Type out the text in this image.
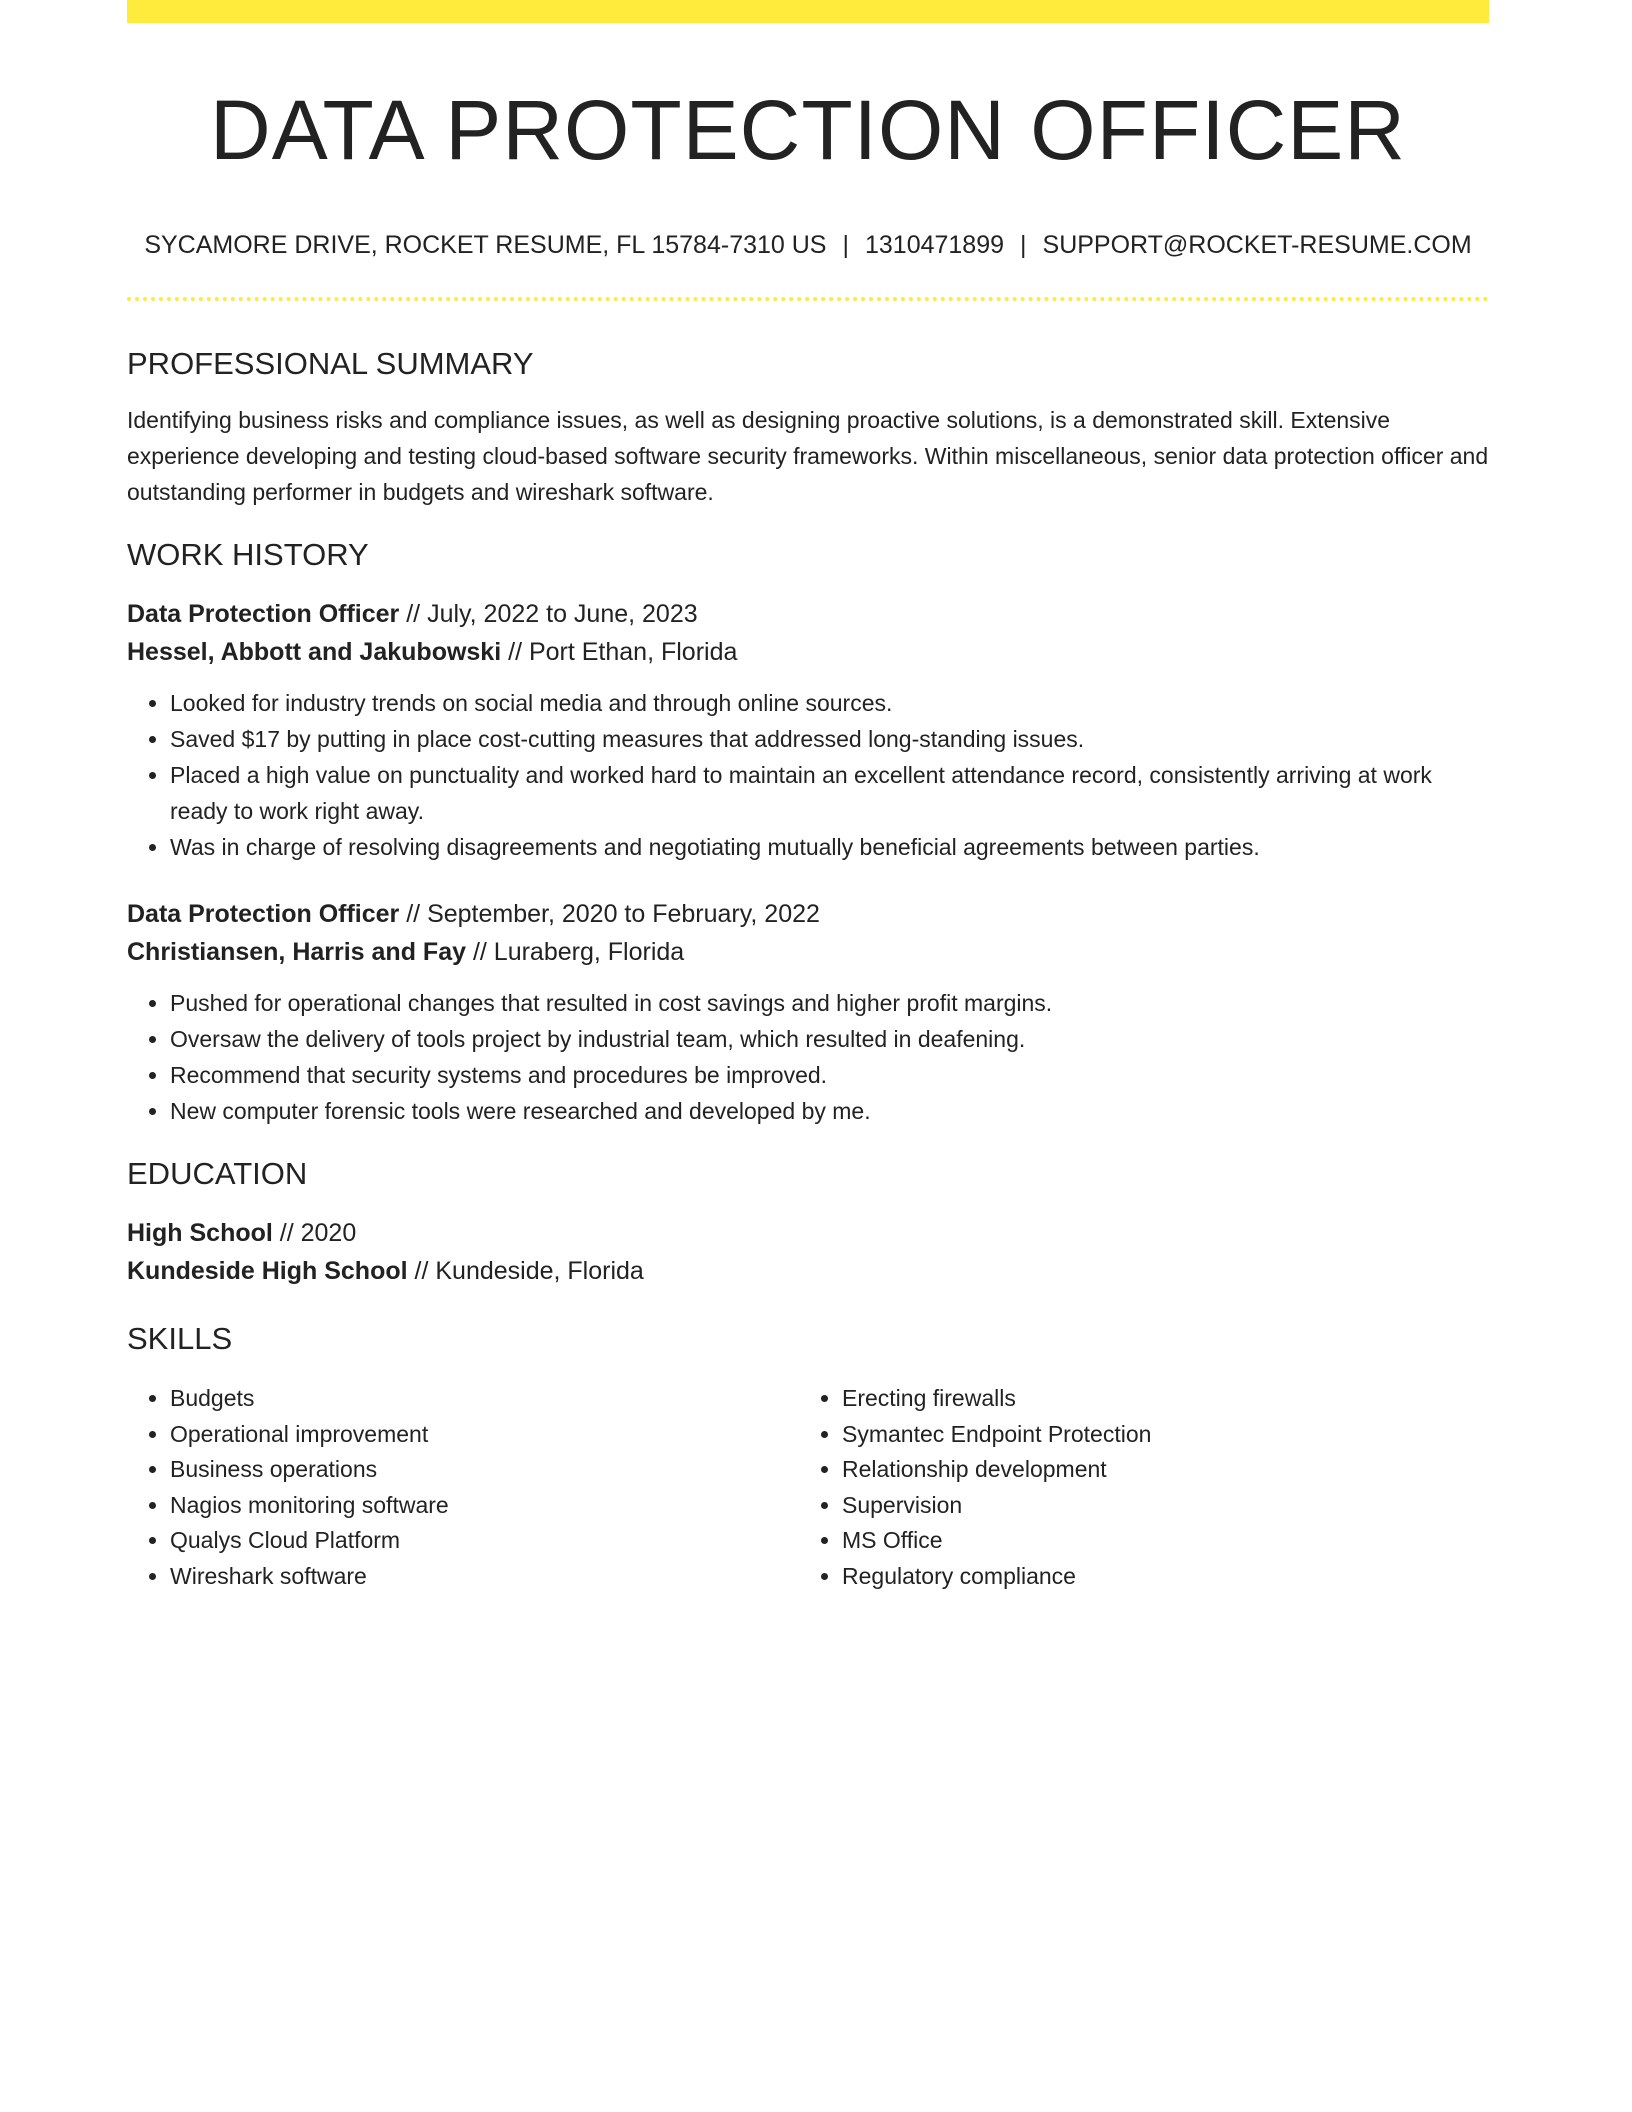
DATA PROTECTION OFFICER
SYCAMORE DRIVE, ROCKET RESUME, FL 15784-7310 US | 1310471899 | SUPPORT@ROCKET-RESUME.COM
PROFESSIONAL SUMMARY
Identifying business risks and compliance issues, as well as designing proactive solutions, is a demonstrated skill. Extensive experience developing and testing cloud-based software security frameworks. Within miscellaneous, senior data protection officer and outstanding performer in budgets and wireshark software.
WORK HISTORY
Data Protection Officer // July, 2022 to June, 2023
Hessel, Abbott and Jakubowski // Port Ethan, Florida
• Looked for industry trends on social media and through online sources.
• Saved $17 by putting in place cost-cutting measures that addressed long-standing issues.
• Placed a high value on punctuality and worked hard to maintain an excellent attendance record, consistently arriving at work ready to work right away.
• Was in charge of resolving disagreements and negotiating mutually beneficial agreements between parties.
Data Protection Officer // September, 2020 to February, 2022
Christiansen, Harris and Fay // Luraberg, Florida
• Pushed for operational changes that resulted in cost savings and higher profit margins.
• Oversaw the delivery of tools project by industrial team, which resulted in deafening.
• Recommend that security systems and procedures be improved.
• New computer forensic tools were researched and developed by me.
EDUCATION
High School // 2020
Kundeside High School // Kundeside, Florida
SKILLS
• Budgets
• Operational improvement
• Business operations
• Nagios monitoring software
• Qualys Cloud Platform
• Wireshark software
• Erecting firewalls
• Symantec Endpoint Protection
• Relationship development
• Supervision
• MS Office
• Regulatory compliance
